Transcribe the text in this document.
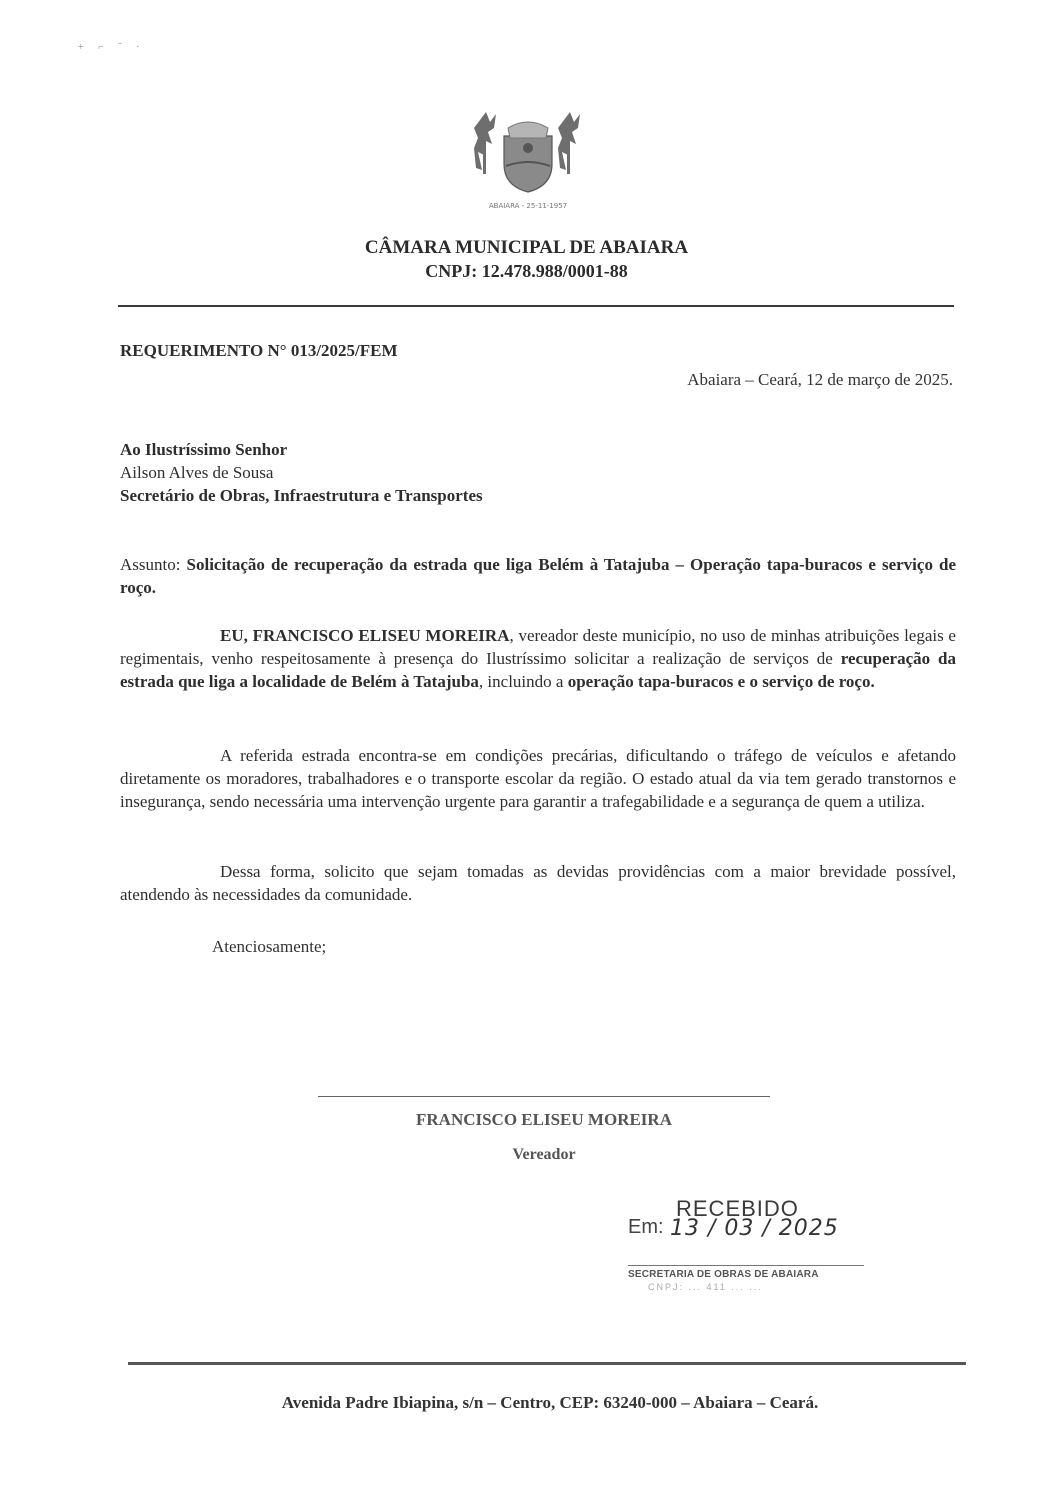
+ ⌐ ˜ ·
ABAIARA - 25-11-1957
CÂMARA MUNICIPAL DE ABAIARA
CNPJ: 12.478.988/0001-88
REQUERIMENTO N° 013/2025/FEM
Abaiara – Ceará, 12 de março de 2025.
Ao Ilustríssimo Senhor
Ailson Alves de Sousa
Secretário de Obras, Infraestrutura e Transportes
Assunto: Solicitação de recuperação da estrada que liga Belém à Tatajuba – Operação tapa-buracos e serviço de roço.
EU, FRANCISCO ELISEU MOREIRA, vereador deste município, no uso de minhas atribuições legais e regimentais, venho respeitosamente à presença do Ilustríssimo solicitar a realização de serviços de recuperação da estrada que liga a localidade de Belém à Tatajuba, incluindo a operação tapa-buracos e o serviço de roço.
A referida estrada encontra-se em condições precárias, dificultando o tráfego de veículos e afetando diretamente os moradores, trabalhadores e o transporte escolar da região. O estado atual da via tem gerado transtornos e insegurança, sendo necessária uma intervenção urgente para garantir a trafegabilidade e a segurança de quem a utiliza.
Dessa forma, solicito que sejam tomadas as devidas providências com a maior brevidade possível, atendendo às necessidades da comunidade.
Atenciosamente;
FRANCISCO ELISEU MOREIRA
Vereador
RECEBIDO
Em: 13 / 03 / 2025
SECRETARIA DE OBRAS DE ABAIARA
CNPJ: ... 411 ... ...
Avenida Padre Ibiapina, s/n – Centro, CEP: 63240-000 – Abaiara – Ceará.
